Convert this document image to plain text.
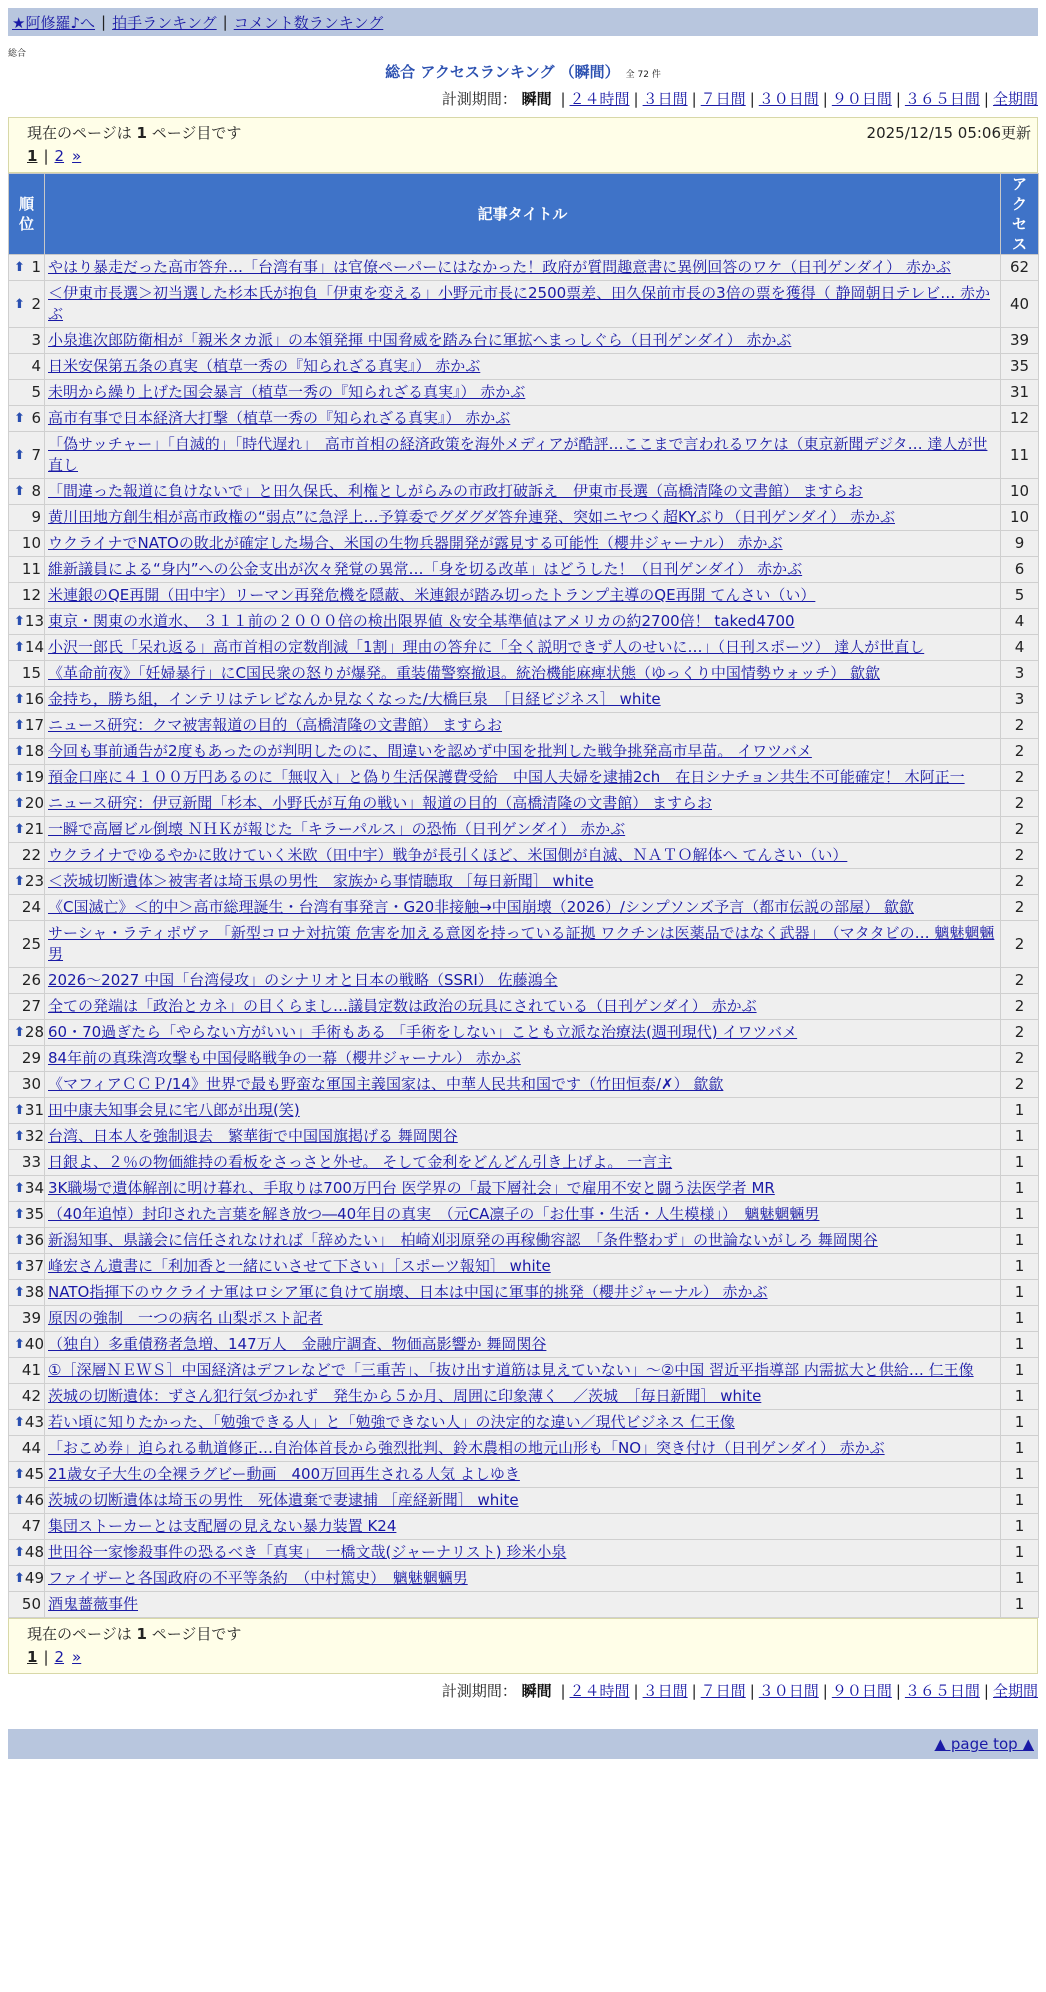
★阿修羅♪へ | 拍手ランキング | コメント数ランキング
総合
総合 アクセスランキング （瞬間） 全 72 件
計測期間： 瞬間 | ２４時間 | ３日間 | ７日間 | ３０日間 | ９０日間 | ３６５日間 | 全期間
現在のページは 1 ページ目です	2025/12/15 05:06更新
1 | 2 »
順位	記事タイトル	アクセス

⬆ 1	やはり暴走だった高市答弁…「台湾有事」は官僚ペーパーにはなかった！政府が質問趣意書に異例回答のワケ（日刊ゲンダイ） 赤かぶ	62

⬆ 2	＜伊東市長選＞初当選した杉本氏が抱負「伊東を変える」小野元市長に2500票差、田久保前市長の3倍の票を獲得（ 静岡朝日テレビ… 赤かぶ	40
3	小泉進次郎防衛相が「親米タカ派」の本領発揮 中国脅威を踏み台に軍拡へまっしぐら（日刊ゲンダイ） 赤かぶ	39
4	日米安保第五条の真実（植草一秀の『知られざる真実』） 赤かぶ	35
5	未明から繰り上げた国会暴言（植草一秀の『知られざる真実』） 赤かぶ	31

⬆ 6	高市有事で日本経済大打撃（植草一秀の『知られざる真実』） 赤かぶ	12

⬆ 7	「偽サッチャー」「自滅的」「時代遅れ」　高市首相の経済政策を海外メディアが酷評…ここまで言われるワケは（東京新聞デジタ… 達人が世直し	11

⬆ 8	「間違った報道に負けないで」と田久保氏、利権としがらみの市政打破訴え　伊東市長選（高橋清隆の文書館） ますらお	10
9	黄川田地方創生相が高市政権の“弱点”に急浮上…予算委でグダグダ答弁連発、突如ニヤつく超KYぶり（日刊ゲンダイ） 赤かぶ	10
10	ウクライナでNATOの敗北が確定した場合、米国の生物兵器開発が露見する可能性（櫻井ジャーナル） 赤かぶ	9
11	維新議員による“身内”への公金支出が次々発覚の異常…「身を切る改革」はどうした！（日刊ゲンダイ） 赤かぶ	6
12	米連銀のQE再開（田中宇）リーマン再発危機を隠蔽、米連銀が踏み切ったトランプ主導のQE再開 てんさい（い）	5

⬆ 13	東京・関東の水道水、 ３１１前の２０００倍の検出限界値 ＆安全基準値はアメリカの約2700倍！ taked4700	4

⬆ 14	小沢一郎氏「呆れ返る」高市首相の定数削減「1割」理由の答弁に「全く説明できず人のせいに…」（日刊スポーツ） 達人が世直し	4
15	《革命前夜》「妊婦暴行」にC国民衆の怒りが爆発。重装備警察撤退。統治機能麻痺状態（ゆっくり中国情勢ウォッチ） 歙歙	3

⬆ 16	金持ち，勝ち組，インテリはテレビなんか見なくなった/大橋巨泉　［日経ビジネス］ white	3

⬆ 17	ニュース研究：クマ被害報道の目的（高橋清隆の文書館） ますらお	2

⬆ 18	今回も事前通告が2度もあったのが判明したのに、間違いを認めず中国を批判した戦争挑発高市早苗。 イワツバメ	2

⬆ 19	預金口座に４１００万円あるのに「無収入」と偽り生活保護費受給　中国人夫婦を逮捕2ch　在日シナチョン共生不可能確定！ 木阿正一	2

⬆ 20	ニュース研究：伊豆新聞「杉本、小野氏が互角の戦い」報道の目的（高橋清隆の文書館） ますらお	2

⬆ 21	一瞬で高層ビル倒壊 ＮＨＫが報じた「キラーパルス」の恐怖（日刊ゲンダイ） 赤かぶ	2
22	ウクライナでゆるやかに敗けていく米欧（田中宇）戦争が長引くほど、米国側が自滅、ＮＡＴＯ解体へ てんさい（い）	2

⬆ 23	＜茨城切断遺体＞被害者は埼玉県の男性　家族から事情聴取 ［毎日新聞］ white	2
24	《C国滅亡》＜的中＞高市総理誕生・台湾有事発言・G20非接触→中国崩壊（2026）/シンプソンズ予言（都市伝説の部屋） 歙歙	2
25	サーシャ・ラティポヴァ 「新型コロナ対抗策 危害を加える意図を持っている証拠 ワクチンは医薬品ではなく武器」　（マタタビの… 魑魅魍魎男	2
26	2026～2027 中国「台湾侵攻」のシナリオと日本の戦略（SSRI） 佐藤鴻全	2
27	全ての発端は「政治とカネ」の目くらまし…議員定数は政治の玩具にされている（日刊ゲンダイ） 赤かぶ	2

⬆ 28	60・70過ぎたら「やらない方がいい」手術もある 「手術をしない」ことも立派な治療法(週刊現代) イワツバメ	2
29	84年前の真珠湾攻撃も中国侵略戦争の一幕（櫻井ジャーナル） 赤かぶ	2
30	《マフィアＣＣＰ/14》世界で最も野蛮な軍国主義国家は、中華人民共和国です（竹田恒泰/✗） 歙歙	2

⬆ 31	田中康夫知事会見に宅八郎が出現(笑)	1

⬆ 32	台湾、日本人を強制退去　繁華街で中国国旗掲げる 舞岡関谷	1
33	日銀よ、２％の物価維持の看板をさっさと外せ。 そして金利をどんどん引き上げよ。 一言主	1

⬆ 34	3K職場で遺体解剖に明け暮れ、手取りは700万円台 医学界の「最下層社会」で雇用不安と闘う法医学者 MR	1

⬆ 35	（40年追悼）封印された言葉を解き放つ―40年目の真実　（元CA凛子の「お仕事・生活・人生模様」）　魑魅魍魎男	1

⬆ 36	新潟知事、県議会に信任されなければ「辞めたい」　柏崎刈羽原発の再稼働容認　「条件整わず」の世論ないがしろ 舞岡関谷	1

⬆ 37	峰宏さん遺書に「利加香と一緒にいさせて下さい」［スポーツ報知］ white	1

⬆ 38	NATO指揮下のウクライナ軍はロシア軍に負けて崩壊、日本は中国に軍事的挑発（櫻井ジャーナル） 赤かぶ	1
39	原因の強制　一つの病名 山梨ポスト記者	1

⬆ 40	（独自）多重債務者急増、147万人　金融庁調査、物価高影響か 舞岡関谷	1
41	①［深層ＮＥＷＳ］中国経済はデフレなどで「三重苦」、「抜け出す道筋は見えていない」～②中国 習近平指導部 内需拡大と供給… 仁王像	1
42	茨城の切断遺体：ずさん犯行気づかれず　発生から５か月、周囲に印象薄く　／茨城　［毎日新聞］ white	1

⬆ 43	若い頃に知りたかった、「勉強できる人」と「勉強できない人」の決定的な違い／現代ビジネス 仁王像	1
44	「おこめ券」迫られる軌道修正…自治体首長から強烈批判、鈴木農相の地元山形も「NO」突き付け（日刊ゲンダイ） 赤かぶ	1

⬆ 45	21歳女子大生の全裸ラグビー動画　400万回再生される人気 よしゆき	1

⬆ 46	茨城の切断遺体は埼玉の男性　死体遺棄で妻逮捕 ［産経新聞］ white	1
47	集団ストーカーとは支配層の見えない暴力装置 K24	1

⬆ 48	世田谷一家惨殺事件の恐るべき「真実」　一橋文哉(ジャーナリスト) 珍米小泉	1

⬆ 49	ファイザーと各国政府の不平等条約　（中村篤史）　魑魅魍魎男	1
50	酒鬼薔薇事件	1
現在のページは 1 ページ目です
1 | 2 »
計測期間： 瞬間 | ２４時間 | ３日間 | ７日間 | ３０日間 | ９０日間 | ３６５日間 | 全期間
▲ page top ▲
